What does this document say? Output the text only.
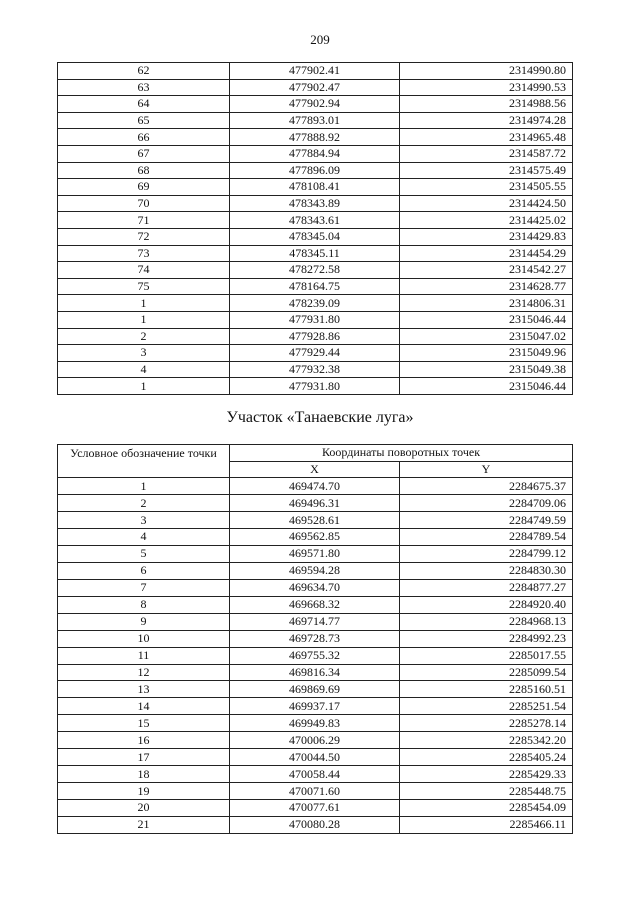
209
62	477902.41	2314990.80
63	477902.47	2314990.53
64	477902.94	2314988.56
65	477893.01	2314974.28
66	477888.92	2314965.48
67	477884.94	2314587.72
68	477896.09	2314575.49
69	478108.41	2314505.55
70	478343.89	2314424.50
71	478343.61	2314425.02
72	478345.04	2314429.83
73	478345.11	2314454.29
74	478272.58	2314542.27
75	478164.75	2314628.77
1	478239.09	2314806.31
1	477931.80	2315046.44
2	477928.86	2315047.02
3	477929.44	2315049.96
4	477932.38	2315049.38
1	477931.80	2315046.44
Участок «Танаевские луга»
Условное обозначение точки	Координаты поворотных точек	
	X	Y
1	469474.70	2284675.37
2	469496.31	2284709.06
3	469528.61	2284749.59
4	469562.85	2284789.54
5	469571.80	2284799.12
6	469594.28	2284830.30
7	469634.70	2284877.27
8	469668.32	2284920.40
9	469714.77	2284968.13
10	469728.73	2284992.23
11	469755.32	2285017.55
12	469816.34	2285099.54
13	469869.69	2285160.51
14	469937.17	2285251.54
15	469949.83	2285278.14
16	470006.29	2285342.20
17	470044.50	2285405.24
18	470058.44	2285429.33
19	470071.60	2285448.75
20	470077.61	2285454.09
21	470080.28	2285466.11
